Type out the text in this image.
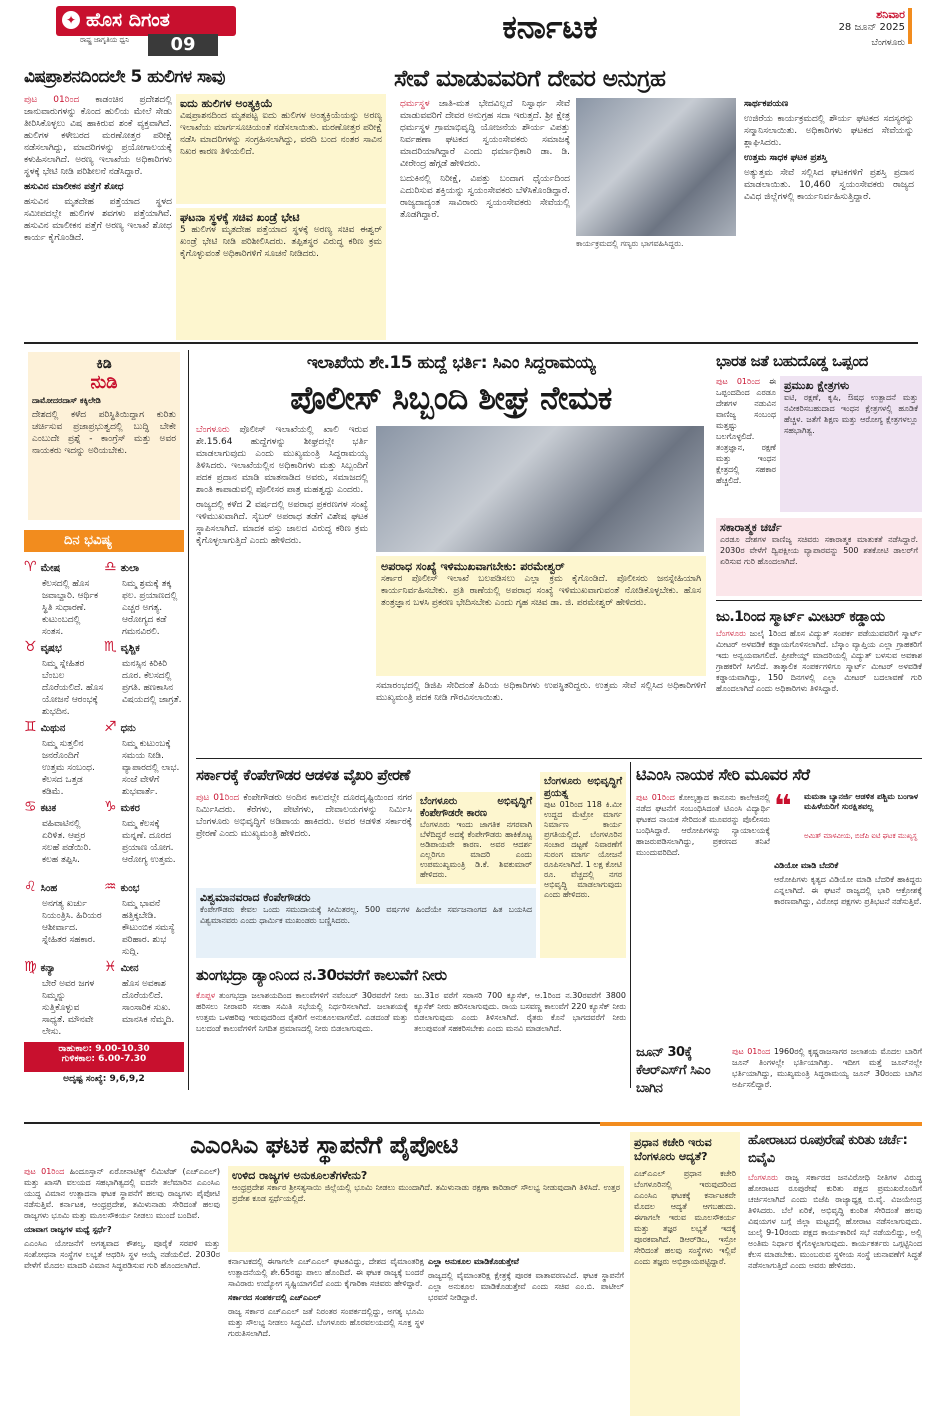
✦ ಹೊಸ ದಿಗಂತ
ರಾಷ್ಟ್ರ ಜಾಗೃತಿಯ ಧ್ವನಿ	09	ಕರ್ನಾಟಕ	ಶನಿವಾರ
28 ಜೂನ್ 2025
ಬೆಂಗಳೂರು
ವಿಷಪ್ರಾಶನದಿಂದಲೇ 5 ಹುಲಿಗಳ ಸಾವು

ಪುಟ 01ರಿಂದ ಕಾಡಂಚಿನ ಪ್ರದೇಶದಲ್ಲಿ ಜಾನುವಾರುಗಳನ್ನು ಕೊಂದ ಹುಲಿಯ ಮೇಲೆ ಸೇಡು ತೀರಿಸಿಕೊಳ್ಳಲು ವಿಷ ಹಾಕಿರುವ ಶಂಕೆ ವ್ಯಕ್ತವಾಗಿದೆ. ಹುಲಿಗಳ ಕಳೇಬರದ ಮರಣೋತ್ತರ ಪರೀಕ್ಷೆ ನಡೆಸಲಾಗಿದ್ದು, ಮಾದರಿಗಳನ್ನು ಪ್ರಯೋಗಾಲಯಕ್ಕೆ ಕಳುಹಿಸಲಾಗಿದೆ. ಅರಣ್ಯ ಇಲಾಖೆಯ ಅಧಿಕಾರಿಗಳು ಸ್ಥಳಕ್ಕೆ ಭೇಟಿ ನೀಡಿ ಪರಿಶೀಲನೆ ನಡೆಸಿದ್ದಾರೆ.

ಹಸುವಿನ ಮಾಲೀಕನ ಪತ್ತೆಗೆ ಶೋಧ

ಹಸುವಿನ ಮೃತದೇಹ ಪತ್ತೆಯಾದ ಸ್ಥಳದ ಸಮೀಪದಲ್ಲೇ ಹುಲಿಗಳ ಶವಗಳು ಪತ್ತೆಯಾಗಿವೆ. ಹಸುವಿನ ಮಾಲೀಕನ ಪತ್ತೆಗೆ ಅರಣ್ಯ ಇಲಾಖೆ ಶೋಧ ಕಾರ್ಯ ಕೈಗೊಂಡಿದೆ.

ಐದು ಹುಲಿಗಳ ಅಂತ್ಯಕ್ರಿಯೆ
ವಿಷಪ್ರಾಶನದಿಂದ ಮೃತಪಟ್ಟ ಐದು ಹುಲಿಗಳ ಅಂತ್ಯಕ್ರಿಯೆಯನ್ನು ಅರಣ್ಯ ಇಲಾಖೆಯ ಮಾರ್ಗಸೂಚಿಯಂತೆ ನಡೆಸಲಾಯಿತು. ಮರಣೋತ್ತರ ಪರೀಕ್ಷೆ ನಡೆಸಿ ಮಾದರಿಗಳನ್ನು ಸಂಗ್ರಹಿಸಲಾಗಿದ್ದು, ವರದಿ ಬಂದ ನಂತರ ಸಾವಿನ ನಿಖರ ಕಾರಣ ತಿಳಿಯಲಿದೆ.
ಘಟನಾ ಸ್ಥಳಕ್ಕೆ ಸಚಿವ ಖಂಡ್ರೆ ಭೇಟಿ
5 ಹುಲಿಗಳ ಮೃತದೇಹ ಪತ್ತೆಯಾದ ಸ್ಥಳಕ್ಕೆ ಅರಣ್ಯ ಸಚಿವ ಈಶ್ವರ್ ಖಂಡ್ರೆ ಭೇಟಿ ನೀಡಿ ಪರಿಶೀಲಿಸಿದರು. ತಪ್ಪಿತಸ್ಥರ ವಿರುದ್ಧ ಕಠಿಣ ಕ್ರಮ ಕೈಗೊಳ್ಳುವಂತೆ ಅಧಿಕಾರಿಗಳಿಗೆ ಸೂಚನೆ ನೀಡಿದರು.
ಸೇವೆ ಮಾಡುವವರಿಗೆ ದೇವರ ಅನುಗ್ರಹ

ಧರ್ಮಸ್ಥಳ ಜಾತಿ-ಮತ ಭೇದವಿಲ್ಲದೆ ನಿಸ್ವಾರ್ಥ ಸೇವೆ ಮಾಡುವವರಿಗೆ ದೇವರ ಅನುಗ್ರಹ ಸದಾ ಇರುತ್ತದೆ. ಶ್ರೀ ಕ್ಷೇತ್ರ ಧರ್ಮಸ್ಥಳ ಗ್ರಾಮಾಭಿವೃದ್ಧಿ ಯೋಜನೆಯ ಶೌರ್ಯ ವಿಪತ್ತು ನಿರ್ವಹಣಾ ಘಟಕದ ಸ್ವಯಂಸೇವಕರು ಸಮಾಜಕ್ಕೆ ಮಾದರಿಯಾಗಿದ್ದಾರೆ ಎಂದು ಧರ್ಮಾಧಿಕಾರಿ ಡಾ. ಡಿ. ವೀರೇಂದ್ರ ಹೆಗ್ಗಡೆ ಹೇಳಿದರು.

ಬದುಕಿನಲ್ಲಿ ನಿರೀಕ್ಷೆ, ವಿಪತ್ತು ಬಂದಾಗ ಧೈರ್ಯದಿಂದ ಎದುರಿಸುವ ಶಕ್ತಿಯನ್ನು ಸ್ವಯಂಸೇವಕರು ಬೆಳೆಸಿಕೊಂಡಿದ್ದಾರೆ. ರಾಜ್ಯದಾದ್ಯಂತ ಸಾವಿರಾರು ಸ್ವಯಂಸೇವಕರು ಸೇವೆಯಲ್ಲಿ ತೊಡಗಿದ್ದಾರೆ.

ಕಾರ್ಯಕ್ರಮದಲ್ಲಿ ಗಣ್ಯರು ಭಾಗವಹಿಸಿದ್ದರು.

ಸಾರ್ಥಕಪಯಣ

ಉಜಿರೆಯ ಕಾರ್ಯಕ್ರಮದಲ್ಲಿ ಶೌರ್ಯ ಘಟಕದ ಸದಸ್ಯರನ್ನು ಸನ್ಮಾನಿಸಲಾಯಿತು. ಅಧಿಕಾರಿಗಳು ಘಟಕದ ಸೇವೆಯನ್ನು ಶ್ಲಾಘಿಸಿದರು.

ಉತ್ತಮ ಸಾಧಕ ಘಟಕ ಪ್ರಶಸ್ತಿ

ಅತ್ಯುತ್ತಮ ಸೇವೆ ಸಲ್ಲಿಸಿದ ಘಟಕಗಳಿಗೆ ಪ್ರಶಸ್ತಿ ಪ್ರದಾನ ಮಾಡಲಾಯಿತು. 10,460 ಸ್ವಯಂಸೇವಕರು ರಾಜ್ಯದ ವಿವಿಧ ಜಿಲ್ಲೆಗಳಲ್ಲಿ ಕಾರ್ಯನಿರ್ವಹಿಸುತ್ತಿದ್ದಾರೆ.

ಕಿಡಿ
ನುಡಿ
ದಾಮೋದರದಾಸ್ ಕಕ್ಕಿಲೇಡಿ
ದೇಶದಲ್ಲಿ ಕಳೆದ ಪರಿಸ್ಥಿತಿಯಿದ್ದಾಗ ಕುರಿತು ಚರ್ಚಿಸುವ ಪ್ರಜಾಪ್ರಭುತ್ವದಲ್ಲಿ ಬುದ್ಧಿ ಬೇಕೇ ಎಂಬುದೇ ಪ್ರಶ್ನೆ - ಕಾಂಗ್ರೆಸ್ ಮತ್ತು ಅವರ ನಾಯಕರು ಇದನ್ನು ಅರಿಯಬೇಕು.
ದಿನ ಭವಿಷ್ಯ
♈ ಮೇಷ
ಕೆಲಸದಲ್ಲಿ ಹೊಸ ಜವಾಬ್ದಾರಿ. ಆರ್ಥಿಕ ಸ್ಥಿತಿ ಸುಧಾರಣೆ. ಕುಟುಂಬದಲ್ಲಿ ಸಂತಸ.
♎ ತುಲಾ
ನಿಮ್ಮ ಶ್ರಮಕ್ಕೆ ತಕ್ಕ ಫಲ. ಪ್ರಯಾಣದಲ್ಲಿ ಎಚ್ಚರ ಅಗತ್ಯ. ಆರೋಗ್ಯದ ಕಡೆ ಗಮನವಿರಲಿ.
♉ ವೃಷಭ
ನಿಮ್ಮ ಸ್ನೇಹಿತರ ಬೆಂಬಲ ದೊರೆಯಲಿದೆ. ಹೊಸ ಯೋಜನೆ ಆರಂಭಕ್ಕೆ ಶುಭದಿನ.
♏ ವೃಶ್ಚಿಕ
ಮನಸ್ಸಿನ ಕಿರಿಕಿರಿ ದೂರ. ಕೆಲಸದಲ್ಲಿ ಪ್ರಗತಿ. ಹಣಕಾಸಿನ ವಿಷಯದಲ್ಲಿ ಜಾಗ್ರತೆ.
♊ ಮಿಥುನ
ನಿಮ್ಮ ಸುತ್ತಲಿನ ಜನರೊಂದಿಗೆ ಉತ್ತಮ ಸಂಬಂಧ. ಕೆಲಸದ ಒತ್ತಡ ಕಡಿಮೆ.
♐ ಧನು
ನಿಮ್ಮ ಕುಟುಂಬಕ್ಕೆ ಸಮಯ ನೀಡಿ. ವ್ಯಾಪಾರದಲ್ಲಿ ಲಾಭ. ಸಂಜೆ ವೇಳೆಗೆ ಶುಭವಾರ್ತೆ.
♋ ಕಟಕ
ವಹಿವಾಟಿನಲ್ಲಿ ಏರಿಳಿತ. ಆಪ್ತರ ಸಲಹೆ ಪಡೆಯಿರಿ. ಕಲಹ ತಪ್ಪಿಸಿ.
♑ ಮಕರ
ನಿಮ್ಮ ಕೆಲಸಕ್ಕೆ ಮನ್ನಣೆ. ದೂರದ ಪ್ರಯಾಣ ಯೋಗ. ಆರೋಗ್ಯ ಉತ್ತಮ.
♌ ಸಿಂಹ
ಅನಗತ್ಯ ಖರ್ಚು ನಿಯಂತ್ರಿಸಿ. ಹಿರಿಯರ ಆಶೀರ್ವಾದ. ಸ್ನೇಹಿತರ ಸಹಕಾರ.
♒ ಕುಂಭ
ನಿಮ್ಮ ಭಾವನೆ ಹತ್ತಿಕ್ಕಬೇಡಿ. ಕೌಟುಂಬಿಕ ಸಮಸ್ಯೆ ಪರಿಹಾರ. ಶುಭ ಸುದ್ದಿ.
♍ ಕನ್ಯಾ
ಬೇರೆ ಅವರ ಜಗಳ ನಿಮ್ಮನ್ನು ಸುತ್ತಿಕೊಳ್ಳುವ ಸಾಧ್ಯತೆ. ಮೌನವೇ ಲೇಸು.
♓ ಮೀನ
ಹೊಸ ಅವಕಾಶ ದೊರೆಯಲಿದೆ. ಸಾಂಸಾರಿಕ ಸುಖ. ಮಾನಸಿಕ ನೆಮ್ಮದಿ.
ರಾಹುಕಾಲ: 9.00-10.30
ಗುಳಿಕಕಾಲ: 6.00-7.30
ಅದೃಷ್ಟ ಸಂಖ್ಯೆ: 9,6,9,2
ಇಲಾಖೆಯ ಶೇ.15 ಹುದ್ದೆ ಭರ್ತಿ: ಸಿಎಂ ಸಿದ್ದರಾಮಯ್ಯ
ಪೊಲೀಸ್ ಸಿಬ್ಬಂದಿ ಶೀಘ್ರ ನೇಮಕ

ಬೆಂಗಳೂರು ಪೊಲೀಸ್ ಇಲಾಖೆಯಲ್ಲಿ ಖಾಲಿ ಇರುವ ಶೇ.15.64 ಹುದ್ದೆಗಳನ್ನು ಶೀಘ್ರದಲ್ಲೇ ಭರ್ತಿ ಮಾಡಲಾಗುವುದು ಎಂದು ಮುಖ್ಯಮಂತ್ರಿ ಸಿದ್ದರಾಮಯ್ಯ ತಿಳಿಸಿದರು. ಇಲಾಖೆಯಲ್ಲಿನ ಅಧಿಕಾರಿಗಳು ಮತ್ತು ಸಿಬ್ಬಂದಿಗೆ ಪದಕ ಪ್ರದಾನ ಮಾಡಿ ಮಾತನಾಡಿದ ಅವರು, ಸಮಾಜದಲ್ಲಿ ಶಾಂತಿ ಕಾಪಾಡುವಲ್ಲಿ ಪೊಲೀಸರ ಪಾತ್ರ ಮಹತ್ವದ್ದು ಎಂದರು.

ರಾಜ್ಯದಲ್ಲಿ ಕಳೆದ 2 ವರ್ಷದಲ್ಲಿ ಅಪರಾಧ ಪ್ರಕರಣಗಳ ಸಂಖ್ಯೆ ಇಳಿಮುಖವಾಗಿದೆ. ಸೈಬರ್ ಅಪರಾಧ ತಡೆಗೆ ವಿಶೇಷ ಘಟಕ ಸ್ಥಾಪಿಸಲಾಗಿದೆ. ಮಾದಕ ವಸ್ತು ಜಾಲದ ವಿರುದ್ಧ ಕಠಿಣ ಕ್ರಮ ಕೈಗೊಳ್ಳಲಾಗುತ್ತಿದೆ ಎಂದು ಹೇಳಿದರು.

ಅಪರಾಧ ಸಂಖ್ಯೆ ಇಳಿಮುಖವಾಗಬೇಕು: ಪರಮೇಶ್ವರ್
ಸರ್ಕಾರ ಪೊಲೀಸ್ ಇಲಾಖೆ ಬಲಪಡಿಸಲು ಎಲ್ಲಾ ಕ್ರಮ ಕೈಗೊಂಡಿದೆ. ಪೊಲೀಸರು ಜನಸ್ನೇಹಿಯಾಗಿ ಕಾರ್ಯನಿರ್ವಹಿಸಬೇಕು. ಪ್ರತಿ ಠಾಣೆಯಲ್ಲಿ ಅಪರಾಧ ಸಂಖ್ಯೆ ಇಳಿಮುಖವಾಗುವಂತೆ ನೋಡಿಕೊಳ್ಳಬೇಕು. ಹೊಸ ತಂತ್ರಜ್ಞಾನ ಬಳಸಿ ಪ್ರಕರಣ ಭೇದಿಸಬೇಕು ಎಂದು ಗೃಹ ಸಚಿವ ಡಾ. ಜಿ. ಪರಮೇಶ್ವರ್ ಹೇಳಿದರು.

ಸಮಾರಂಭದಲ್ಲಿ ಡಿಜಿಪಿ ಸೇರಿದಂತೆ ಹಿರಿಯ ಅಧಿಕಾರಿಗಳು ಉಪಸ್ಥಿತರಿದ್ದರು. ಉತ್ತಮ ಸೇವೆ ಸಲ್ಲಿಸಿದ ಅಧಿಕಾರಿಗಳಿಗೆ ಮುಖ್ಯಮಂತ್ರಿ ಪದಕ ನೀಡಿ ಗೌರವಿಸಲಾಯಿತು.

ಭಾರತ ಜತೆ ಬಹುದೊಡ್ಡ ಒಪ್ಪಂದ
ಪುಟ 01ರಿಂದ ಈ ಒಪ್ಪಂದದಿಂದ ಎರಡೂ ದೇಶಗಳ ನಡುವಿನ ವಾಣಿಜ್ಯ ಸಂಬಂಧ ಮತ್ತಷ್ಟು ಬಲಗೊಳ್ಳಲಿದೆ. ತಂತ್ರಜ್ಞಾನ, ರಕ್ಷಣೆ ಮತ್ತು ಇಂಧನ ಕ್ಷೇತ್ರದಲ್ಲಿ ಸಹಕಾರ ಹೆಚ್ಚಲಿದೆ.
ಪ್ರಮುಖ ಕ್ಷೇತ್ರಗಳು
ಐಟಿ, ರಕ್ಷಣೆ, ಕೃಷಿ, ಔಷಧ ಉತ್ಪಾದನೆ ಮತ್ತು ನವೀಕರಿಸಬಹುದಾದ ಇಂಧನ ಕ್ಷೇತ್ರಗಳಲ್ಲಿ ಹೂಡಿಕೆ ಹೆಚ್ಚಳ. ಜತೆಗೆ ಶಿಕ್ಷಣ ಮತ್ತು ಆರೋಗ್ಯ ಕ್ಷೇತ್ರಗಳಲ್ಲೂ ಸಹಭಾಗಿತ್ವ.
ಸಕಾರಾತ್ಮಕ ಚರ್ಚೆ
ಎರಡೂ ದೇಶಗಳ ವಾಣಿಜ್ಯ ಸಚಿವರು ಸಕಾರಾತ್ಮಕ ಮಾತುಕತೆ ನಡೆಸಿದ್ದಾರೆ. 2030ರ ವೇಳೆಗೆ ದ್ವಿಪಕ್ಷೀಯ ವ್ಯಾಪಾರವನ್ನು 500 ಶತಕೋಟಿ ಡಾಲರ್‌ಗೆ ಏರಿಸುವ ಗುರಿ ಹೊಂದಲಾಗಿದೆ.
ಜು.1ರಿಂದ ಸ್ಮಾರ್ಟ್ ಮೀಟರ್ ಕಡ್ಡಾಯ
ಬೆಂಗಳೂರು ಜುಲೈ 1ರಿಂದ ಹೊಸ ವಿದ್ಯುತ್ ಸಂಪರ್ಕ ಪಡೆಯುವವರಿಗೆ ಸ್ಮಾರ್ಟ್ ಮೀಟರ್ ಅಳವಡಿಕೆ ಕಡ್ಡಾಯಗೊಳಿಸಲಾಗಿದೆ. ಬೆಸ್ಕಾಂ ವ್ಯಾಪ್ತಿಯ ಎಲ್ಲಾ ಗ್ರಾಹಕರಿಗೆ ಇದು ಅನ್ವಯವಾಗಲಿದೆ. ಪ್ರೀಪೇಯ್ಡ್ ಮಾದರಿಯಲ್ಲಿ ವಿದ್ಯುತ್ ಬಳಸುವ ಅವಕಾಶ ಗ್ರಾಹಕರಿಗೆ ಸಿಗಲಿದೆ. ತಾತ್ಕಾಲಿಕ ಸಂಪರ್ಕಗಳಿಗೂ ಸ್ಮಾರ್ಟ್ ಮೀಟರ್ ಅಳವಡಿಕೆ ಕಡ್ಡಾಯವಾಗಿದ್ದು, 150 ದಿನಗಳಲ್ಲಿ ಎಲ್ಲಾ ಮೀಟರ್ ಬದಲಾವಣೆ ಗುರಿ ಹೊಂದಲಾಗಿದೆ ಎಂದು ಅಧಿಕಾರಿಗಳು ತಿಳಿಸಿದ್ದಾರೆ.
ಸರ್ಕಾರಕ್ಕೆ ಕೆಂಪೇಗೌಡರ ಆಡಳಿತ ವೈಖರಿ ಪ್ರೇರಣೆ
ಪುಟ 01ರಿಂದ ಕೆಂಪೇಗೌಡರು ಅಂದಿನ ಕಾಲದಲ್ಲೇ ದೂರದೃಷ್ಟಿಯಿಂದ ನಗರ ನಿರ್ಮಿಸಿದರು. ಕೆರೆಗಳು, ಪೇಟೆಗಳು, ದೇವಾಲಯಗಳನ್ನು ನಿರ್ಮಿಸಿ ಬೆಂಗಳೂರು ಅಭಿವೃದ್ಧಿಗೆ ಅಡಿಪಾಯ ಹಾಕಿದರು. ಅವರ ಆಡಳಿತ ಸರ್ಕಾರಕ್ಕೆ ಪ್ರೇರಣೆ ಎಂದು ಮುಖ್ಯಮಂತ್ರಿ ಹೇಳಿದರು.
ಬೆಂಗಳೂರು ಅಭಿವೃದ್ಧಿಗೆ ಕೆಂಪೇಗೌಡರೇ ಕಾರಣ
ಬೆಂಗಳೂರು ಇಂದು ಜಾಗತಿಕ ನಗರವಾಗಿ ಬೆಳೆದಿದ್ದರೆ ಅದಕ್ಕೆ ಕೆಂಪೇಗೌಡರು ಹಾಕಿಕೊಟ್ಟ ಅಡಿಪಾಯವೇ ಕಾರಣ. ಅವರ ಆದರ್ಶ ಎಲ್ಲರಿಗೂ ಮಾದರಿ ಎಂದು ಉಪಮುಖ್ಯಮಂತ್ರಿ ಡಿ.ಕೆ. ಶಿವಕುಮಾರ್ ಹೇಳಿದರು.
ವಿಶ್ವಮಾನವರಾದ ಕೆಂಪೇಗೌಡರು
ಕೆಂಪೇಗೌಡರು ಕೇವಲ ಒಂದು ಸಮುದಾಯಕ್ಕೆ ಸೀಮಿತರಲ್ಲ. 500 ವರ್ಷಗಳ ಹಿಂದೆಯೇ ಸರ್ವಜನಾಂಗದ ಹಿತ ಬಯಸಿದ ವಿಶ್ವಮಾನವರು ಎಂದು ಧಾರ್ಮಿಕ ಮುಖಂಡರು ಬಣ್ಣಿಸಿದರು.
ಬೆಂಗಳೂರು ಅಭಿವೃದ್ಧಿಗೆ ಪ್ರಯತ್ನ
ಪುಟ 01ರಿಂದ 118 ಕಿ.ಮೀ ಉದ್ದದ ಮೆಟ್ರೋ ಮಾರ್ಗ ನಿರ್ಮಾಣ ಕಾರ್ಯ ಪ್ರಗತಿಯಲ್ಲಿದೆ. ಬೆಂಗಳೂರಿನ ಸಂಚಾರ ದಟ್ಟಣೆ ನಿವಾರಣೆಗೆ ಸುರಂಗ ಮಾರ್ಗ ಯೋಜನೆ ರೂಪಿಸಲಾಗಿದೆ. 1 ಲಕ್ಷ ಕೋಟಿ ರೂ. ವೆಚ್ಚದಲ್ಲಿ ನಗರ ಅಭಿವೃದ್ಧಿ ಮಾಡಲಾಗುವುದು ಎಂದು ಹೇಳಿದರು.
ತುಂಗಭದ್ರಾ ಡ್ಯಾಂನಿಂದ ನ.30ರವರೆಗೆ ಕಾಲುವೆಗೆ ನೀರು
ಕೊಪ್ಪಳ ತುಂಗಭದ್ರಾ ಜಲಾಶಯದಿಂದ ಕಾಲುವೆಗಳಿಗೆ ನವೆಂಬರ್ 30ರವರೆಗೆ ನೀರು ಹರಿಸಲು ನೀರಾವರಿ ಸಲಹಾ ಸಮಿತಿ ಸಭೆಯಲ್ಲಿ ನಿರ್ಧರಿಸಲಾಗಿದೆ. ಜಲಾಶಯಕ್ಕೆ ಉತ್ತಮ ಒಳಹರಿವು ಇರುವುದರಿಂದ ರೈತರಿಗೆ ಅನುಕೂಲವಾಗಲಿದೆ. ಎಡದಂಡೆ ಮತ್ತು ಬಲದಂಡೆ ಕಾಲುವೆಗಳಿಗೆ ನಿಗದಿತ ಪ್ರಮಾಣದಲ್ಲಿ ನೀರು ಬಿಡಲಾಗುವುದು.
ಜು.31ರ ವರೆಗೆ ಸರಾಸರಿ 700 ಕ್ಯೂಸೆಕ್, ಆ.1ರಿಂದ ನ.30ರವರೆಗೆ 3800 ಕ್ಯೂಸೆಕ್ ನೀರು ಹರಿಸಲಾಗುವುದು. ರಾಯ ಬಸವಣ್ಣ ಕಾಲುವೆಗೆ 220 ಕ್ಯೂಸೆಕ್ ನೀರು ಬಿಡಲಾಗುವುದು ಎಂದು ತಿಳಿಸಲಾಗಿದೆ. ರೈತರು ಕೊನೆ ಭಾಗದವರೆಗೆ ನೀರು ತಲುಪುವಂತೆ ಸಹಕರಿಸಬೇಕು ಎಂದು ಮನವಿ ಮಾಡಲಾಗಿದೆ.
ಟಿಎಂಸಿ ನಾಯಕ ಸೇರಿ ಮೂವರ ಸೆರೆ
ಪುಟ 01ರಿಂದ ಕೋಲ್ಕತ್ತಾದ ಕಾನೂನು ಕಾಲೇಜಿನಲ್ಲಿ ನಡೆದ ಘಟನೆಗೆ ಸಂಬಂಧಿಸಿದಂತೆ ಟಿಎಂಸಿ ವಿದ್ಯಾರ್ಥಿ ಘಟಕದ ನಾಯಕ ಸೇರಿದಂತೆ ಮೂವರನ್ನು ಪೊಲೀಸರು ಬಂಧಿಸಿದ್ದಾರೆ. ಆರೋಪಿಗಳನ್ನು ನ್ಯಾಯಾಲಯಕ್ಕೆ ಹಾಜರುಪಡಿಸಲಾಗಿದ್ದು, ಪ್ರಕರಣದ ತನಿಖೆ ಮುಂದುವರಿದಿದೆ.
❝ ಮಮತಾ ಬ್ಯಾನರ್ಜಿ ಆಡಳಿತ ಪಶ್ಚಿಮ ಬಂಗಾಳ ಮಹಿಳೆಯರಿಗೆ ಸುರಕ್ಷಿತವಲ್ಲ
ಅಮಿತ್ ಮಾಳವೀಯ, ಬಿಜೆಪಿ ಐಟಿ ಘಟಕ ಮುಖ್ಯಸ್ಥ

ವಿಡಿಯೋ ಮಾಡಿ ಬೆದರಿಕೆ

ಆರೋಪಿಗಳು ಕೃತ್ಯದ ವಿಡಿಯೋ ಮಾಡಿ ಬೆದರಿಕೆ ಹಾಕಿದ್ದರು ಎನ್ನಲಾಗಿದೆ. ಈ ಘಟನೆ ರಾಜ್ಯದಲ್ಲಿ ಭಾರಿ ಆಕ್ರೋಶಕ್ಕೆ ಕಾರಣವಾಗಿದ್ದು, ವಿರೋಧ ಪಕ್ಷಗಳು ಪ್ರತಿಭಟನೆ ನಡೆಸುತ್ತಿವೆ.

ಜೂನ್ 30ಕ್ಕೆ ಕೆಆರ್‌ಎಸ್‌ಗೆ ಸಿಎಂ ಬಾಗಿನ
ಪುಟ 01ರಿಂದ 1960ರಲ್ಲಿ ಕೃಷ್ಣರಾಜಸಾಗರ ಜಲಾಶಯ ಮೊದಲ ಬಾರಿಗೆ ಜೂನ್ ತಿಂಗಳಲ್ಲೇ ಭರ್ತಿಯಾಗಿತ್ತು. ಇದೀಗ ಮತ್ತೆ ಜೂನ್‌ನಲ್ಲೇ ಭರ್ತಿಯಾಗಿದ್ದು, ಮುಖ್ಯಮಂತ್ರಿ ಸಿದ್ದರಾಮಯ್ಯ ಜೂನ್ 30ರಂದು ಬಾಗಿನ ಅರ್ಪಿಸಲಿದ್ದಾರೆ.
ಎಎಂಸಿಎ ಘಟಕ ಸ್ಥಾಪನೆಗೆ ಪೈಪೋಟಿ

ಪುಟ 01ರಿಂದ ಹಿಂದೂಸ್ತಾನ್ ಏರೋನಾಟಿಕ್ಸ್ ಲಿಮಿಟೆಡ್ (ಎಚ್‌ಎಎಲ್) ಮತ್ತು ಖಾಸಗಿ ವಲಯದ ಸಹಭಾಗಿತ್ವದಲ್ಲಿ ಐದನೇ ತಲೆಮಾರಿನ ಎಎಂಸಿಎ ಯುದ್ಧ ವಿಮಾನ ಉತ್ಪಾದನಾ ಘಟಕ ಸ್ಥಾಪನೆಗೆ ಹಲವು ರಾಜ್ಯಗಳು ಪೈಪೋಟಿ ನಡೆಸುತ್ತಿವೆ. ಕರ್ನಾಟಕ, ಆಂಧ್ರಪ್ರದೇಶ, ತಮಿಳುನಾಡು ಸೇರಿದಂತೆ ಹಲವು ರಾಜ್ಯಗಳು ಭೂಮಿ ಮತ್ತು ಮೂಲಸೌಕರ್ಯ ನೀಡಲು ಮುಂದೆ ಬಂದಿವೆ.

ಯಾವಾಗ ರಾಜ್ಯಗಳ ಮಧ್ಯೆ ಸ್ಪರ್ಧೆ?

ಎಎಂಸಿಎ ಯೋಜನೆಗೆ ಅಗತ್ಯವಾದ ಕೌಶಲ್ಯ, ಪೂರೈಕೆ ಸರಪಳಿ ಮತ್ತು ಸಂಶೋಧನಾ ಸಂಸ್ಥೆಗಳ ಲಭ್ಯತೆ ಆಧರಿಸಿ ಸ್ಥಳ ಆಯ್ಕೆ ನಡೆಯಲಿದೆ. 2030ರ ವೇಳೆಗೆ ಮೊದಲ ಮಾದರಿ ವಿಮಾನ ಸಿದ್ಧಪಡಿಸುವ ಗುರಿ ಹೊಂದಲಾಗಿದೆ.

ಉಳಿದ ರಾಜ್ಯಗಳ ಅನುಕೂಲತೆಗಳೇನು?
ಆಂಧ್ರಪ್ರದೇಶ ಸರ್ಕಾರ ಶ್ರೀಸತ್ಯಸಾಯಿ ಜಿಲ್ಲೆಯಲ್ಲಿ ಭೂಮಿ ನೀಡಲು ಮುಂದಾಗಿದೆ. ತಮಿಳುನಾಡು ರಕ್ಷಣಾ ಕಾರಿಡಾರ್ ಸೌಲಭ್ಯ ನೀಡುವುದಾಗಿ ತಿಳಿಸಿದೆ. ಉತ್ತರ ಪ್ರದೇಶ ಕೂಡ ಸ್ಪರ್ಧೆಯಲ್ಲಿದೆ.

ಕರ್ನಾಟಕದಲ್ಲಿ ಈಗಾಗಲೇ ಎಚ್‌ಎಎಲ್ ಘಟಕವಿದ್ದು, ದೇಶದ ವೈಮಾಂತರಿಕ್ಷ ಉತ್ಪಾದನೆಯಲ್ಲಿ ಶೇ.65ರಷ್ಟು ಪಾಲು ಹೊಂದಿದೆ. ಈ ಘಟಕ ರಾಜ್ಯಕ್ಕೆ ಬಂದರೆ ಸಾವಿರಾರು ಉದ್ಯೋಗ ಸೃಷ್ಟಿಯಾಗಲಿದೆ ಎಂದು ಕೈಗಾರಿಕಾ ಸಚಿವರು ಹೇಳಿದ್ದಾರೆ.

ಸರ್ಕಾರದ ಸಂಪರ್ಕದಲ್ಲಿ ಎಚ್‌ಎಎಲ್

ರಾಜ್ಯ ಸರ್ಕಾರ ಎಚ್‌ಎಎಲ್ ಜತೆ ನಿರಂತರ ಸಂಪರ್ಕದಲ್ಲಿದ್ದು, ಅಗತ್ಯ ಭೂಮಿ ಮತ್ತು ಸೌಲಭ್ಯ ನೀಡಲು ಸಿದ್ಧವಿದೆ. ಬೆಂಗಳೂರು ಹೊರವಲಯದಲ್ಲಿ ಸೂಕ್ತ ಸ್ಥಳ ಗುರುತಿಸಲಾಗಿದೆ.

ಎಲ್ಲಾ ಅನುಕೂಲ ಮಾಡಿಕೊಡುತ್ತೇವೆ

ರಾಜ್ಯದಲ್ಲಿ ವೈಮಾಂತರಿಕ್ಷ ಕ್ಷೇತ್ರಕ್ಕೆ ಪೂರಕ ವಾತಾವರಣವಿದೆ. ಘಟಕ ಸ್ಥಾಪನೆಗೆ ಎಲ್ಲಾ ಅನುಕೂಲ ಮಾಡಿಕೊಡುತ್ತೇವೆ ಎಂದು ಸಚಿವ ಎಂ.ಬಿ. ಪಾಟೀಲ್ ಭರವಸೆ ನೀಡಿದ್ದಾರೆ.

ಪ್ರಧಾನ ಕಚೇರಿ ಇರುವ ಬೆಂಗಳೂರು ಆದ್ಯತೆ?
ಎಚ್‌ಎಎಲ್ ಪ್ರಧಾನ ಕಚೇರಿ ಬೆಂಗಳೂರಿನಲ್ಲಿ ಇರುವುದರಿಂದ ಎಎಂಸಿಎ ಘಟಕಕ್ಕೆ ಕರ್ನಾಟಕವೇ ಮೊದಲ ಆದ್ಯತೆ ಆಗಬಹುದು. ಈಗಾಗಲೇ ಇರುವ ಮೂಲಸೌಕರ್ಯ ಮತ್ತು ತಜ್ಞರ ಲಭ್ಯತೆ ಇದಕ್ಕೆ ಪೂರಕವಾಗಿದೆ. ಡಿಆರ್‌ಡಿಒ, ಇಸ್ರೋ ಸೇರಿದಂತೆ ಹಲವು ಸಂಸ್ಥೆಗಳು ಇಲ್ಲಿವೆ ಎಂದು ತಜ್ಞರು ಅಭಿಪ್ರಾಯಪಟ್ಟಿದ್ದಾರೆ.
ಹೋರಾಟದ ರೂಪುರೇಷೆ ಕುರಿತು ಚರ್ಚೆ: ಬಿವೈವಿ
ಬೆಂಗಳೂರು ರಾಜ್ಯ ಸರ್ಕಾರದ ಜನವಿರೋಧಿ ನೀತಿಗಳ ವಿರುದ್ಧ ಹೋರಾಟದ ರೂಪುರೇಷೆ ಕುರಿತು ಪಕ್ಷದ ಪ್ರಮುಖರೊಂದಿಗೆ ಚರ್ಚಿಸಲಾಗಿದೆ ಎಂದು ಬಿಜೆಪಿ ರಾಜ್ಯಾಧ್ಯಕ್ಷ ಬಿ.ವೈ. ವಿಜಯೇಂದ್ರ ತಿಳಿಸಿದರು. ಬೆಲೆ ಏರಿಕೆ, ಅಭಿವೃದ್ಧಿ ಕುಂಠಿತ ಸೇರಿದಂತೆ ಹಲವು ವಿಷಯಗಳ ಬಗ್ಗೆ ಜಿಲ್ಲಾ ಮಟ್ಟದಲ್ಲಿ ಹೋರಾಟ ನಡೆಸಲಾಗುವುದು. ಜುಲೈ 9-10ರಂದು ಪಕ್ಷದ ಕಾರ್ಯಕಾರಿಣಿ ಸಭೆ ನಡೆಯಲಿದ್ದು, ಅಲ್ಲಿ ಅಂತಿಮ ನಿರ್ಧಾರ ಕೈಗೊಳ್ಳಲಾಗುವುದು. ಕಾರ್ಯಕರ್ತರು ಒಗ್ಗಟ್ಟಿನಿಂದ ಕೆಲಸ ಮಾಡಬೇಕು. ಮುಂಬರುವ ಸ್ಥಳೀಯ ಸಂಸ್ಥೆ ಚುನಾವಣೆಗೆ ಸಿದ್ಧತೆ ನಡೆಸಲಾಗುತ್ತಿದೆ ಎಂದು ಅವರು ಹೇಳಿದರು.
